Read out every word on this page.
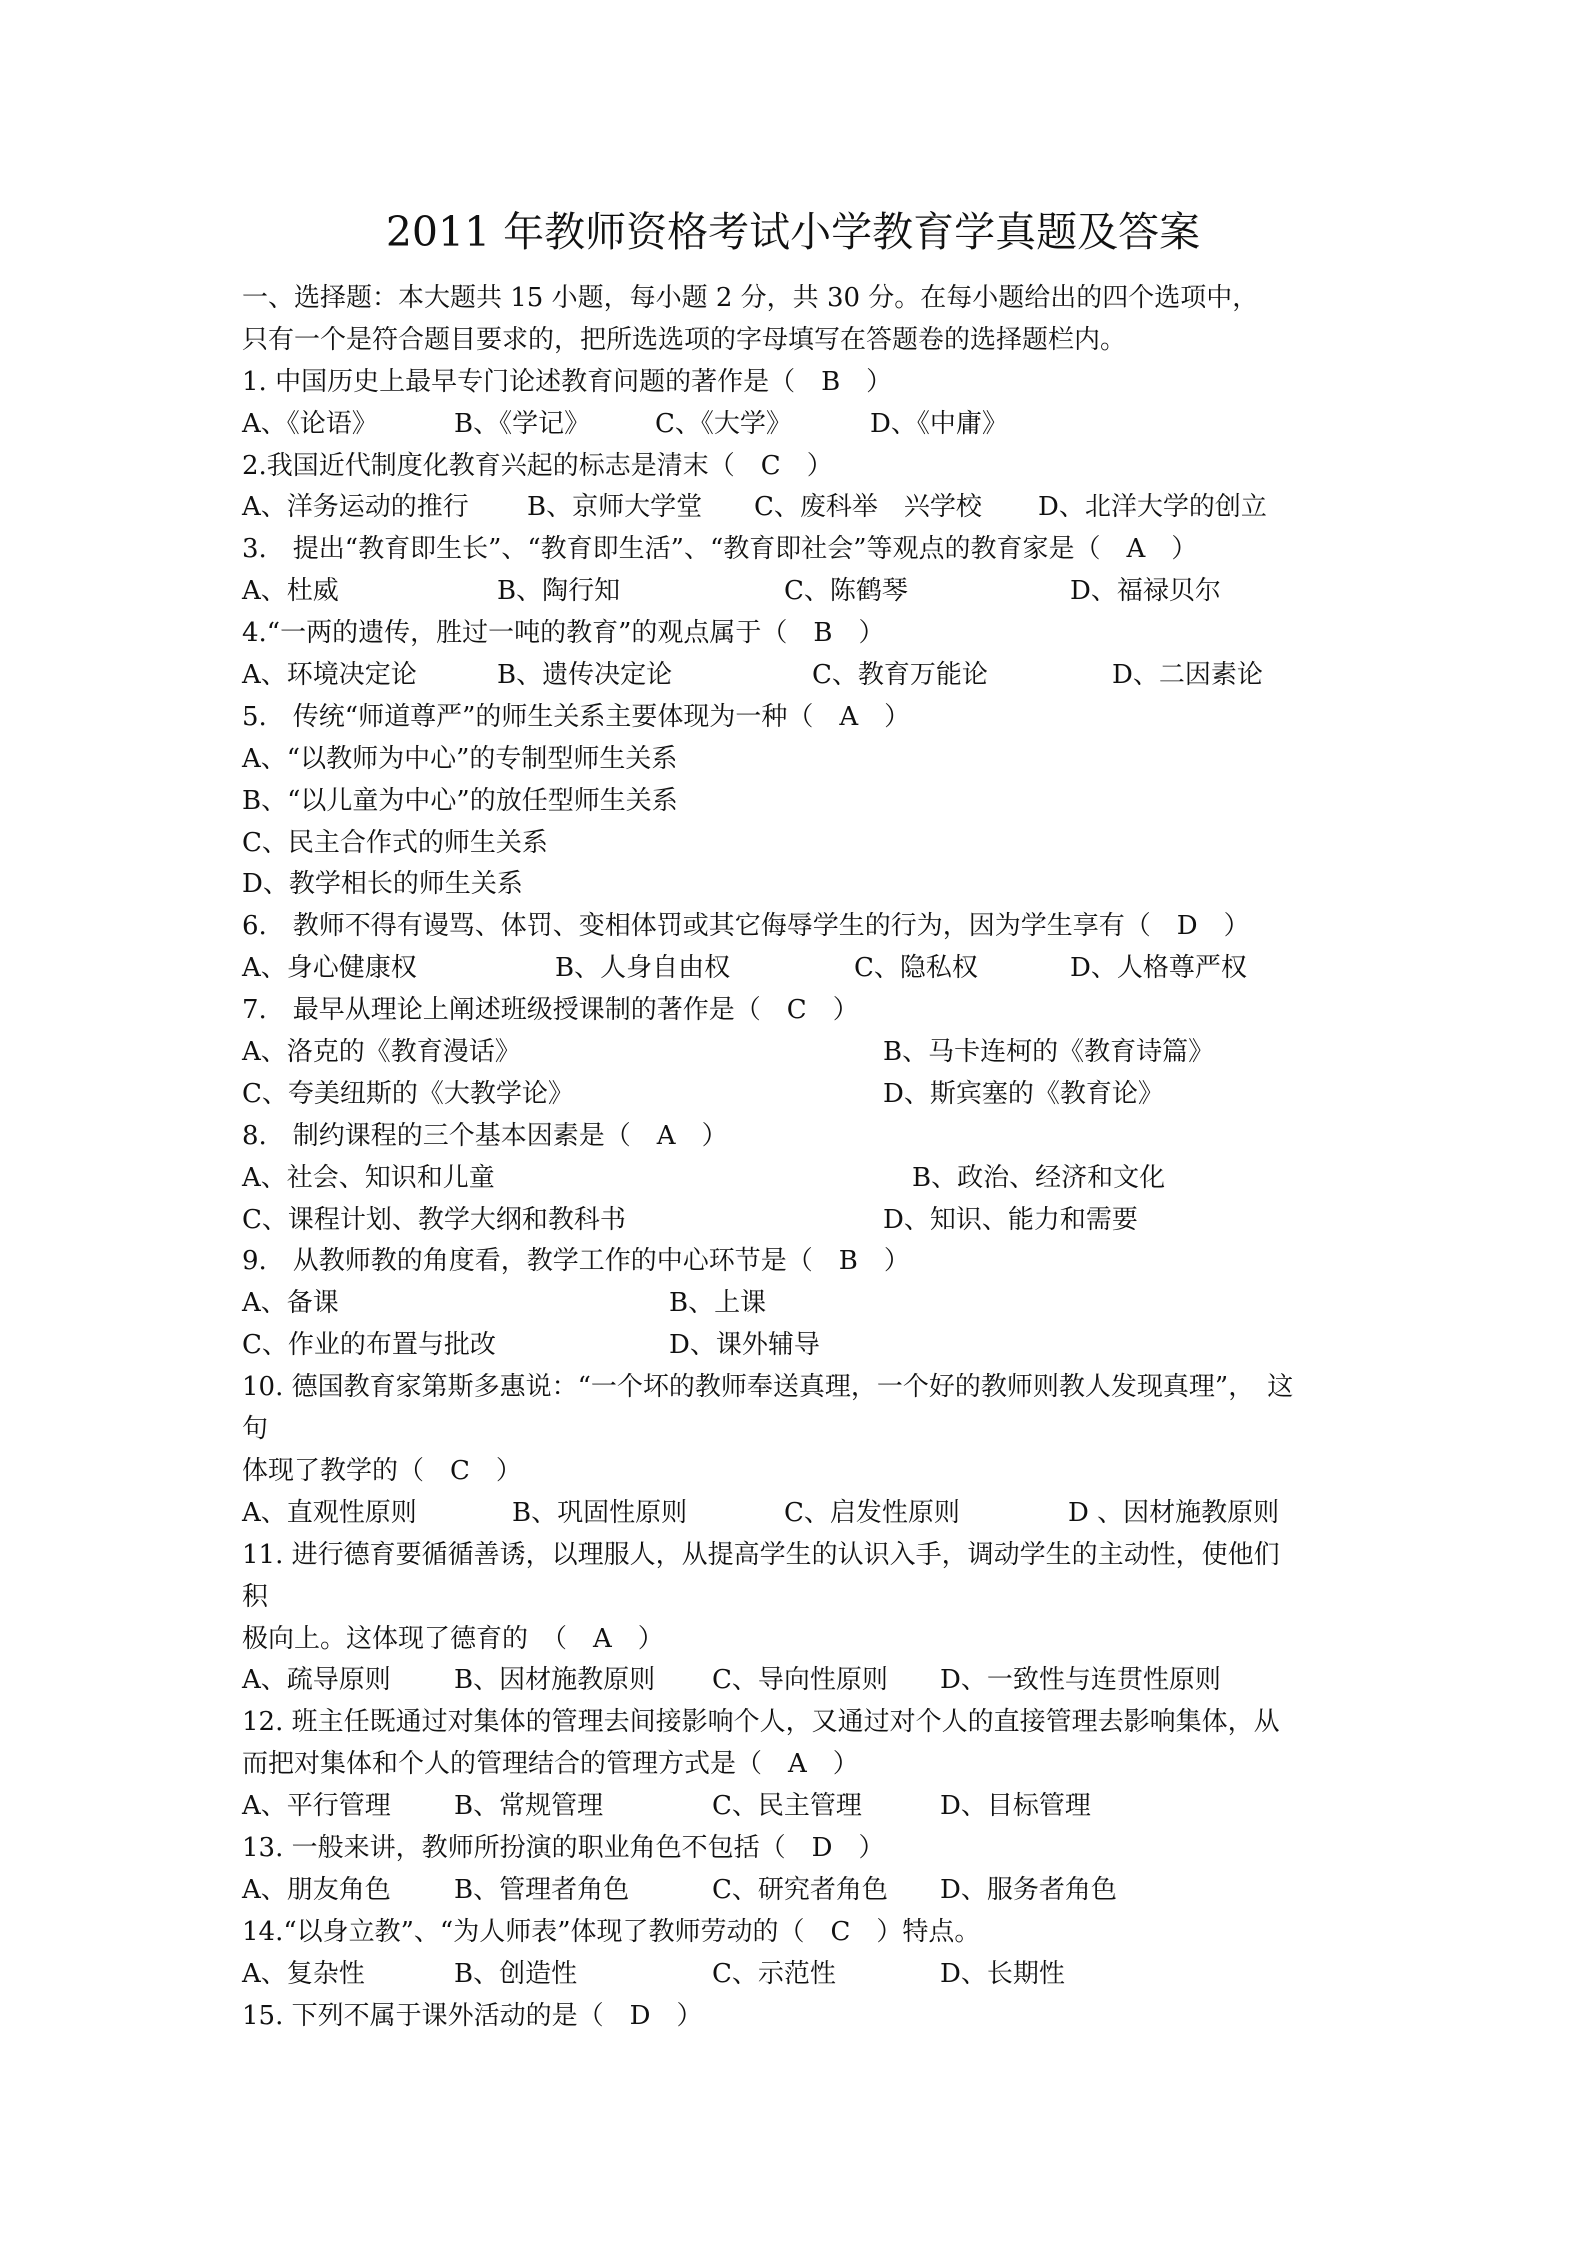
2011 年教师资格考试小学教育学真题及答案
一、选择题：本大题共 15 小题，每小题 2 分，共 30 分。在每小题给出的四个选项中，
只有一个是符合题目要求的，把所选选项的字母填写在答题卷的选择题栏内。
1. 中国历史上最早专门论述教育问题的著作是（　B　）
A、《论语》	B、《学记》 C、《大学》	D、《中庸》
2.我国近代制度化教育兴起的标志是清末（　C　）
A、洋务运动的推行 B、京师大学堂 C、废科举　兴学校 D、北洋大学的创立
3.　提出“教育即生长”、“教育即生活”、“教育即社会”等观点的教育家是（　A　）
A、杜威	B、陶行知	C、陈鹤琴	D、福禄贝尔
4.“一两的遗传，胜过一吨的教育”的观点属于（　B　）
A、环境决定论	B、遗传决定论	C、教育万能论	D、二因素论
5.　传统“师道尊严”的师生关系主要体现为一种（　A　）
A、“以教师为中心”的专制型师生关系
B、“以儿童为中心”的放任型师生关系
C、民主合作式的师生关系
D、教学相长的师生关系
6.　教师不得有谩骂、体罚、变相体罚或其它侮辱学生的行为，因为学生享有（　D　）
A、身心健康权	B、人身自由权	C、隐私权	D、人格尊严权
7.　最早从理论上阐述班级授课制的著作是（　C　）
A、洛克的《教育漫话》	B、马卡连柯的《教育诗篇》
C、夸美纽斯的《大教学论》	D、斯宾塞的《教育论》
8.　制约课程的三个基本因素是（　A　）
A、社会、知识和儿童	B、政治、经济和文化
C、课程计划、教学大纲和教科书	D、知识、能力和需要
9.　从教师教的角度看，教学工作的中心环节是（　B　）
A、备课	B、上课
C、作业的布置与批改	D、课外辅导
10. 德国教育家第斯多惠说：“一个坏的教师奉送真理，一个好的教师则教人发现真理”，　这
句
体现了教学的（　C　）
A、直观性原则	B、巩固性原则	C、启发性原则	D 、因材施教原则
11. 进行德育要循循善诱，以理服人，从提高学生的认识入手，调动学生的主动性，使他们
积
极向上。这体现了德育的　（　A　）
A、疏导原则 B、因材施教原则 C、导向性原则 D、一致性与连贯性原则
12. 班主任既通过对集体的管理去间接影响个人，又通过对个人的直接管理去影响集体，从
而把对集体和个人的管理结合的管理方式是（　A　）
A、平行管理 B、常规管理	C、民主管理	D、目标管理
13. 一般来讲，教师所扮演的职业角色不包括（　D　）
A、朋友角色 B、管理者角色	C、研究者角色 D、服务者角色
14.“以身立教”、“为人师表”体现了教师劳动的（　C　）特点。
A、复杂性	B、创造性	C、示范性	D、长期性
15. 下列不属于课外活动的是（　D　）
